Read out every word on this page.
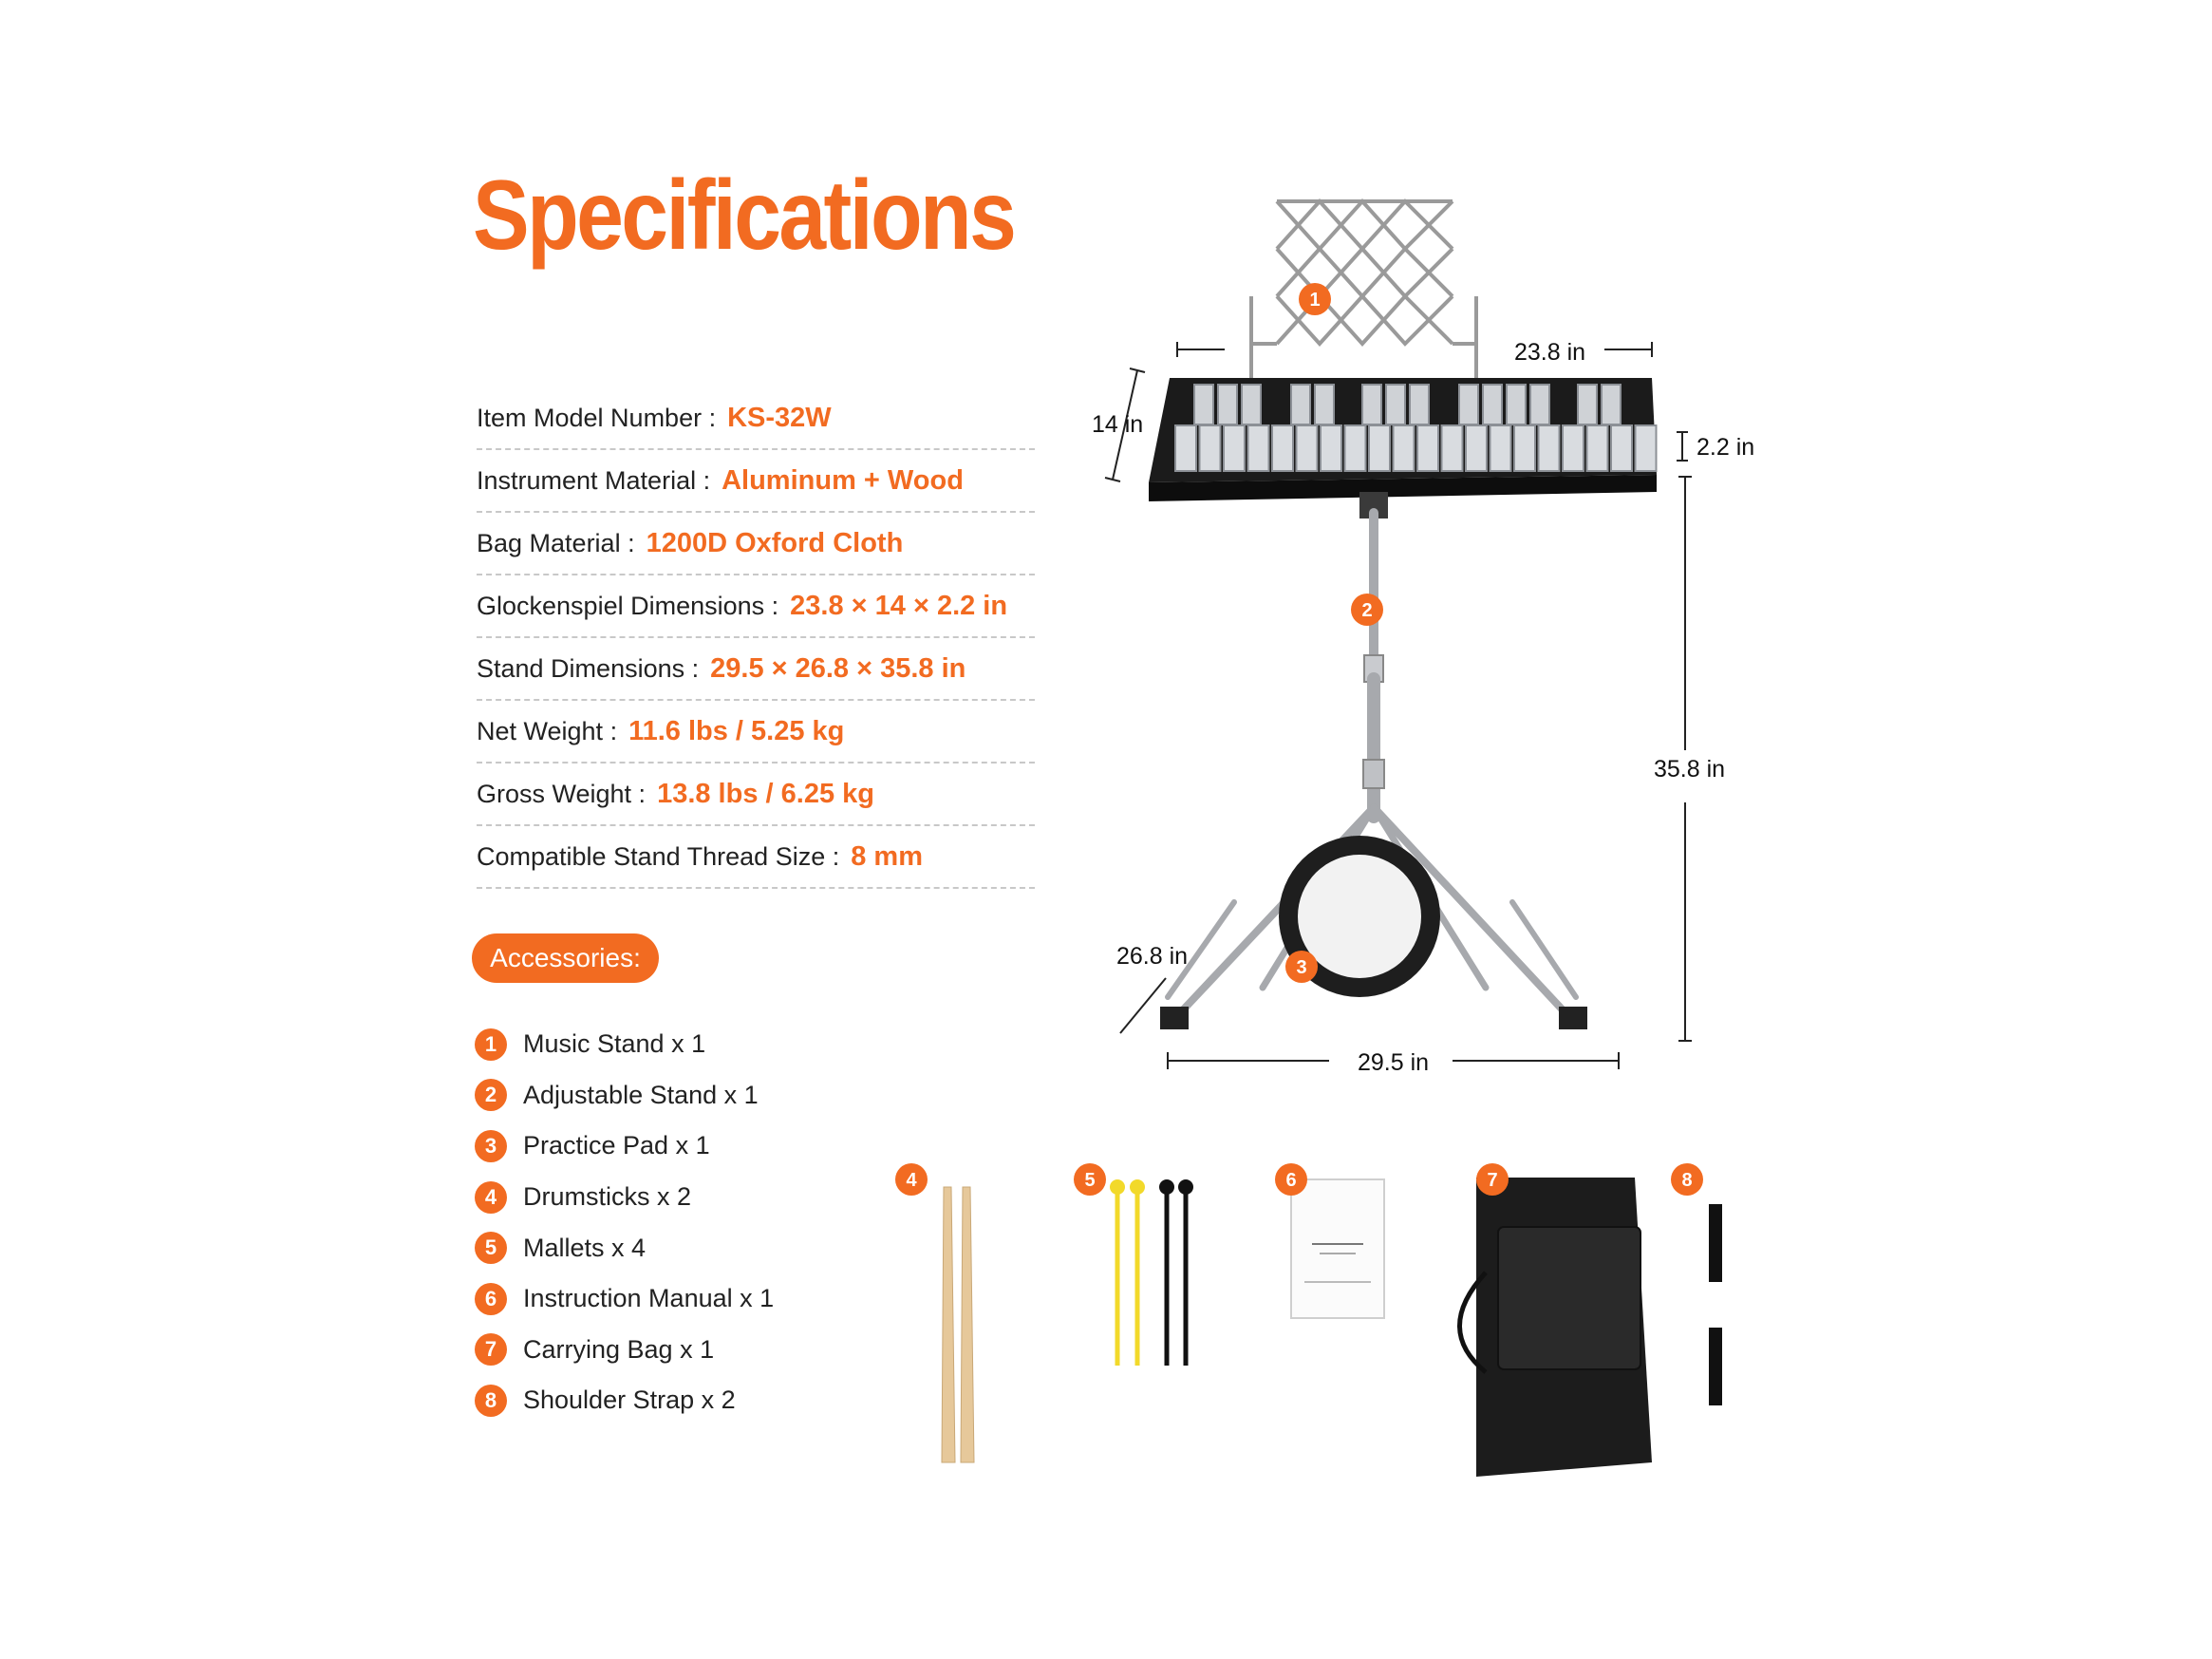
Specifications
Item Model Number : KS-32W
Instrument Material : Aluminum + Wood
Bag Material : 1200D Oxford Cloth
Glockenspiel Dimensions : 23.8 × 14 × 2.2 in
Stand Dimensions : 29.5 × 26.8 × 35.8 in
Net Weight : 11.6 lbs / 5.25 kg
Gross Weight : 13.8 lbs / 6.25 kg
Compatible Stand Thread Size : 8 mm
Accessories:
1	Music Stand x 1
2	Adjustable Stand x 1
3	Practice Pad x 1
4	Drumsticks x 2
5	Mallets x 4
6	Instruction Manual x 1
7	Carrying Bag x 1
8	Shoulder Strap x 2
1
2
3
4	5	6	7	8
23.8 in
14 in
2.2 in
35.8 in
26.8 in
29.5 in
